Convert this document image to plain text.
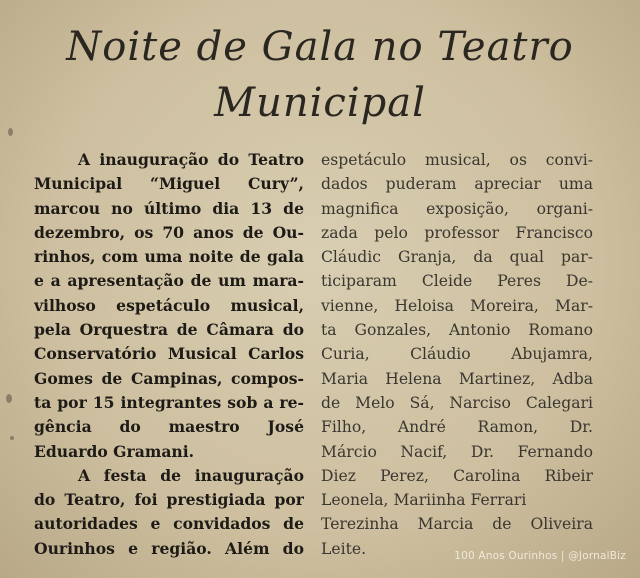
Noite de Gala no Teatro
Municipal
A inauguração do Teatro
Municipal “Miguel Cury”,
marcou no último dia 13 de
dezembro, os 70 anos de Ou-
rinhos, com uma noite de gala
e a apresentação de um mara-
vilhoso espetáculo musical,
pela Orquestra de Câmara do
Conservatório Musical Carlos
Gomes de Campinas, compos-
ta por 15 integrantes sob a re-
gência do maestro José
Eduardo Gramani.
A festa de inauguração
do Teatro, foi prestigiada por
autoridades e convidados de
Ourinhos e região. Além do
espetáculo musical, os convi-
dados puderam apreciar uma
magnifica exposição, organi-
zada pelo professor Francisco
Cláudic Granja, da qual par-
ticiparam Cleide Peres De-
vienne, Heloisa Moreira, Mar-
ta Gonzales, Antonio Romano
Curia, Cláudio Abujamra,
Maria Helena Martinez, Adba
de Melo Sá, Narciso Calegari
Filho, André Ramon, Dr.
Márcio Nacif, Dr. Fernando
Diez Perez, Carolina Ribeir
Leonela, Mariinha Ferrari
Terezinha Marcia de Oliveira
Leite.	100 Anos Ourinhos | @JornalBiz
